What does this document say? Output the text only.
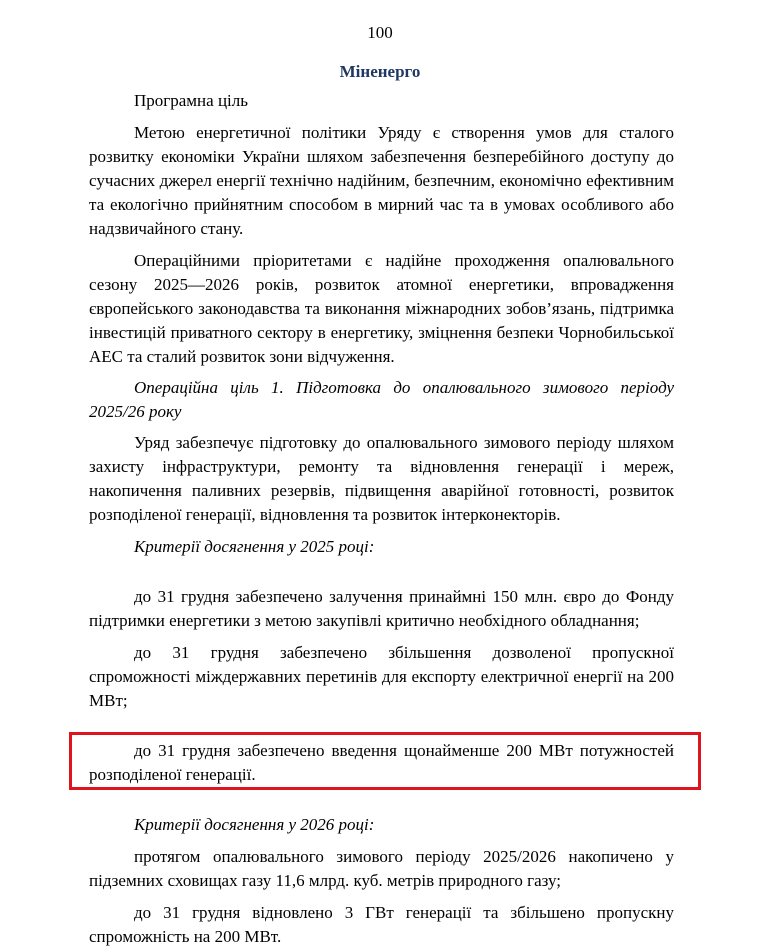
100
Міненерго

Програмна ціль

Метою енергетичної політики Уряду є створення умов для сталого розвитку економіки України шляхом забезпечення безперебійного доступу до сучасних джерел енергії технічно надійним, безпечним, економічно ефективним та екологічно прийнятним способом в мирний час та в умовах особливого або надзвичайного стану.

Операційними пріоритетами є надійне проходження опалювального сезону 2025—2026 років, розвиток атомної енергетики, впровадження європейського законодавства та виконання міжнародних зобов’язань, підтримка інвестицій приватного сектору в енергетику, зміцнення безпеки Чорнобильської АЕС та сталий розвиток зони відчуження.

Операційна ціль 1. Підготовка до опалювального зимового періоду 2025/26 року

Уряд забезпечує підготовку до опалювального зимового періоду шляхом захисту інфраструктури, ремонту та відновлення генерації і мереж, накопичення паливних резервів, підвищення аварійної готовності, розвиток розподіленої генерації, відновлення та розвиток інтерконекторів.

Критерії досягнення у 2025 році:

до 31 грудня забезпечено залучення принаймні 150 млн. євро до Фонду підтримки енергетики з метою закупівлі критично необхідного обладнання;

до 31 грудня забезпечено збільшення дозволеної пропускної спроможності міждержавних перетинів для експорту електричної енергії на 200 МВт;

до 31 грудня забезпечено введення щонайменше 200 МВт потужностей розподіленої генерації.

Критерії досягнення у 2026 році:

протягом опалювального зимового періоду 2025/2026 накопичено у підземних сховищах газу 11,6 млрд. куб. метрів природного газу;

до 31 грудня відновлено 3 ГВт генерації та збільшено пропускну спроможність на 200 МВт.
